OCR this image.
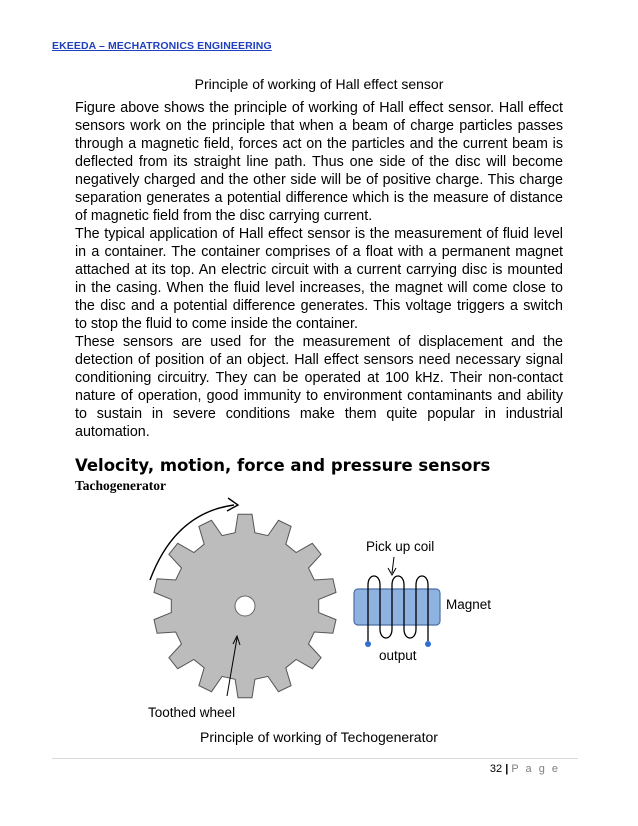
EKEEDA – MECHATRONICS ENGINEERING
Principle of working of Hall effect sensor

Figure above shows the principle of working of Hall effect sensor. Hall effect sensors work on the principle that when a beam of charge particles passes through a magnetic field, forces act on the particles and the current beam is deflected from its straight line path. Thus one side of the disc will become negatively charged and the other side will be of positive charge. This charge separation generates a potential difference which is the measure of distance of magnetic field from the disc carrying current.

The typical application of Hall effect sensor is the measurement of fluid level in a container. The container comprises of a float with a permanent magnet attached at its top. An electric circuit with a current carrying disc is mounted in the casing. When the fluid level increases, the magnet will come close to the disc and a potential difference generates. This voltage triggers a switch to stop the fluid to come inside the container.

These sensors are used for the measurement of displacement and the detection of position of an object. Hall effect sensors need necessary signal conditioning circuitry. They can be operated at 100 kHz. Their non-contact nature of operation, good immunity to environment contaminants and ability to sustain in severe conditions make them quite popular in industrial automation.

Velocity, motion, force and pressure sensors
Tachogenerator
Pick up coil
Magnet
output
Toothed wheel
Principle of working of Techogenerator
32 | P a g e
